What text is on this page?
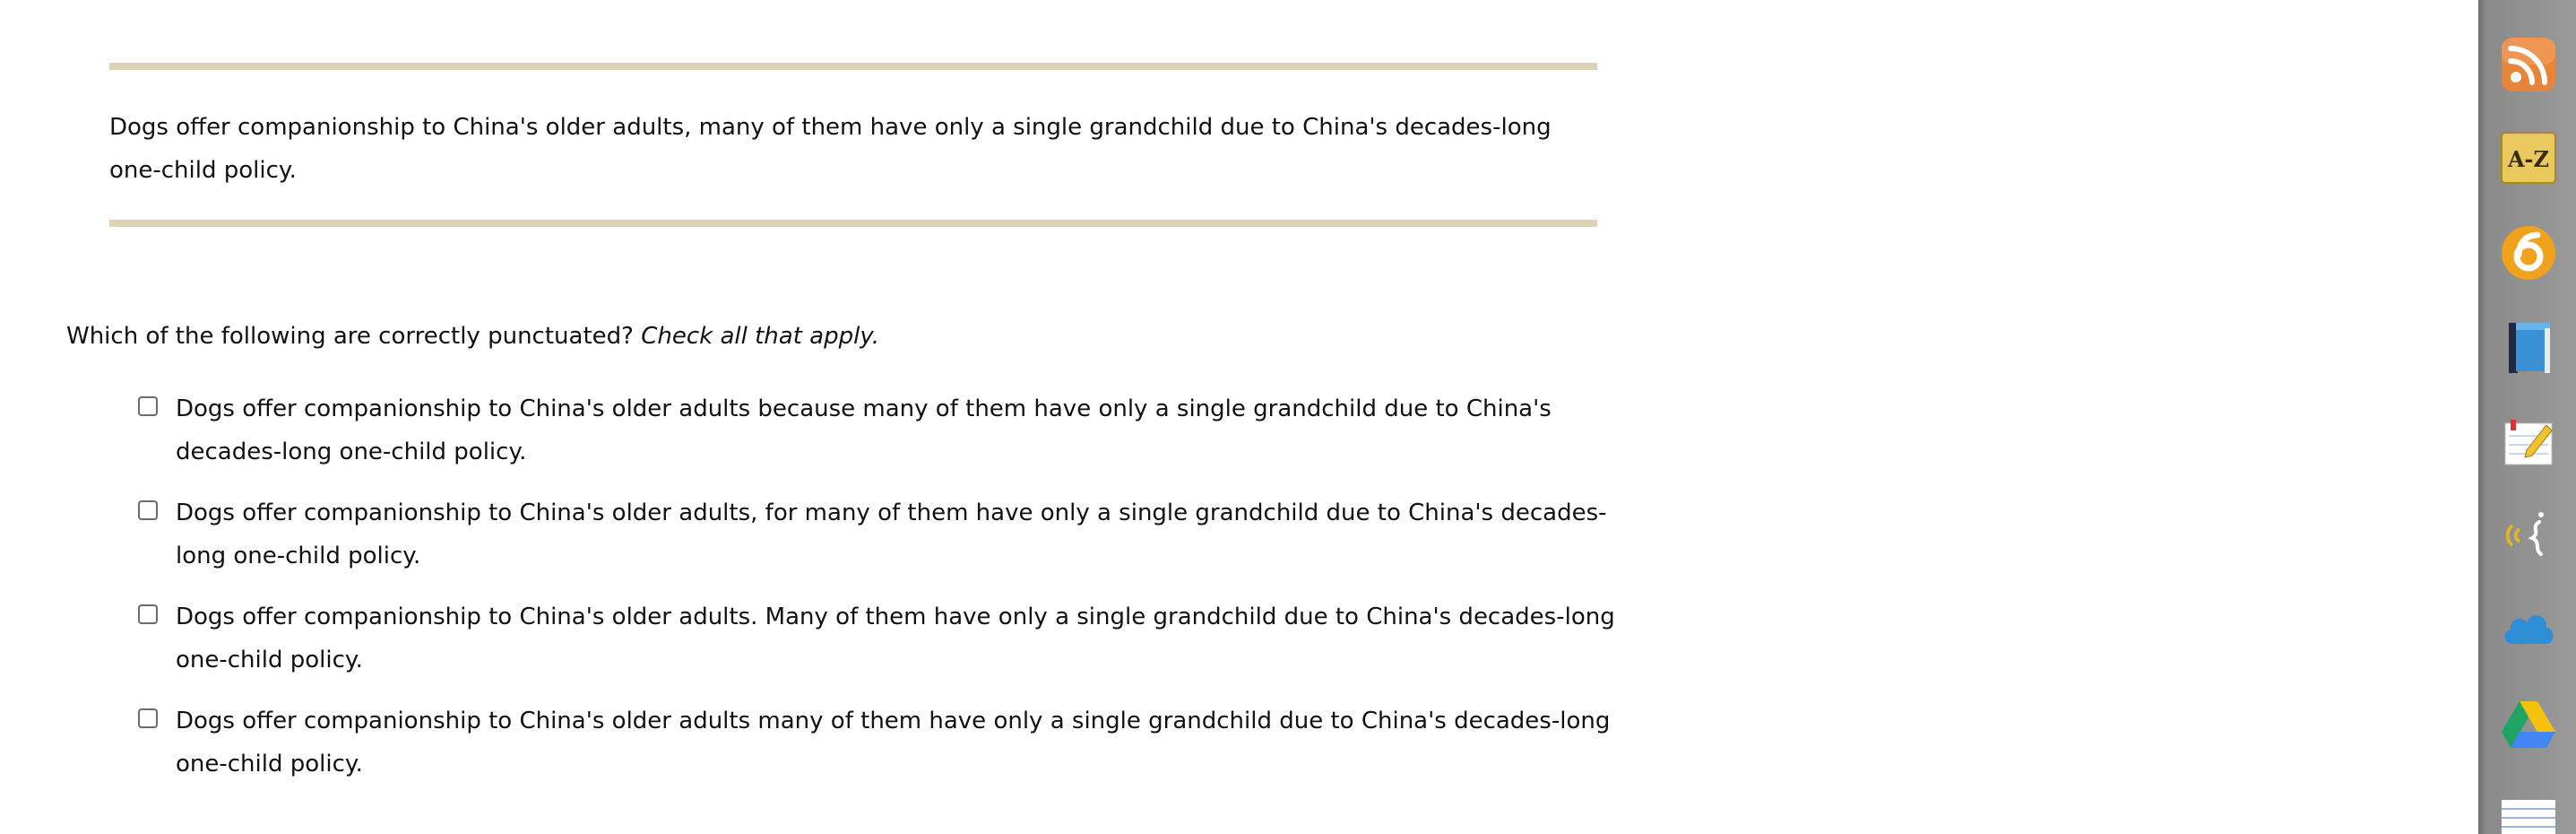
Dogs offer companionship to China's older adults, many of them have only a single grandchild due to China's decades-long one-child policy.
Which of the following are correctly punctuated? Check all that apply.
Dogs offer companionship to China's older adults because many of them have only a single grandchild due to China's decades-long one-child policy.
Dogs offer companionship to China's older adults, for many of them have only a single grandchild due to China's decades-long one-child policy.
Dogs offer companionship to China's older adults. Many of them have only a single grandchild due to China's decades-long one-child policy.
Dogs offer companionship to China's older adults many of them have only a single grandchild due to China's decades-long one-child policy.
A-Z
